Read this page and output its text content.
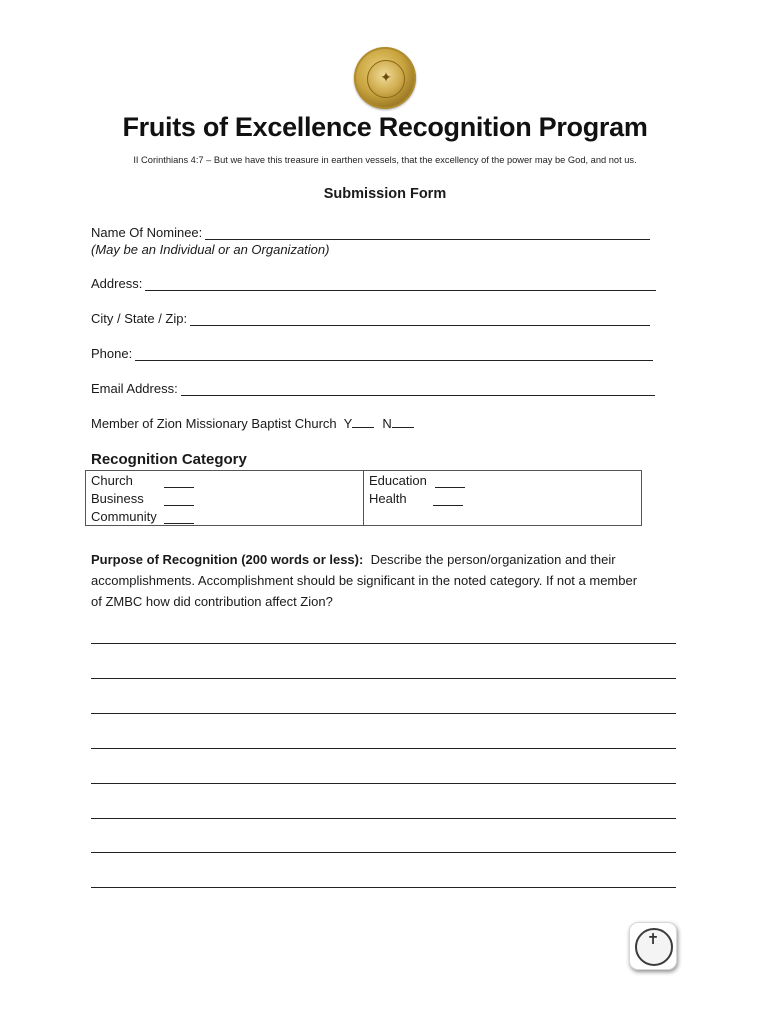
✦
Fruits of Excellence Recognition Program
II Corinthians 4:7 – But we have this treasure in earthen vessels, that the excellency of the power may be God, and not us.
Submission Form
Name Of Nominee:
(May be an Individual or an Organization)
Address:
City / State / Zip:
Phone:
Email Address:
Member of Zion Missionary Baptist Church Y N
Recognition Category
Church	Education

Business	Health

Community	

Purpose of Recognition (200 words or less): Describe the person/organization and their accomplishments. Accomplishment should be significant in the noted category. If not a member of ZMBC how did contribution affect Zion?
✝
